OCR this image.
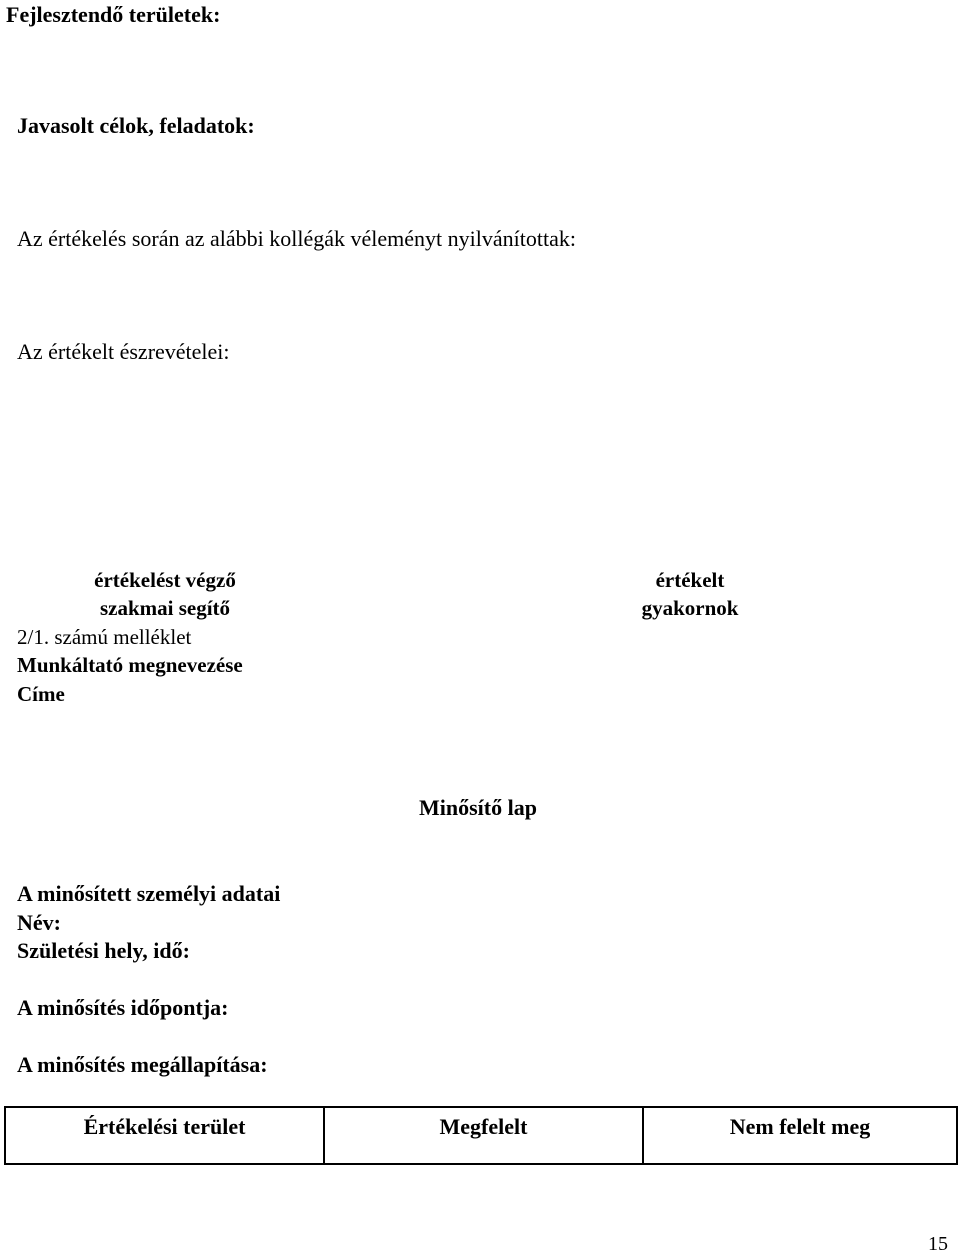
Fejlesztendő területek:
Javasolt célok, feladatok:
Az értékelés során az alábbi kollégák véleményt nyilvánítottak:
Az értékelt észrevételei:
értékelést végző
szakmai segítő
értékelt
gyakornok
2/1. számú melléklet
Munkáltató megnevezése
Címe
Minősítő lap
A minősített személyi adatai
Név:
Születési hely, idő:
A minősítés időpontja:
A minősítés megállapítása:
Értékelési terület	Megfelelt	Nem felelt meg
15
